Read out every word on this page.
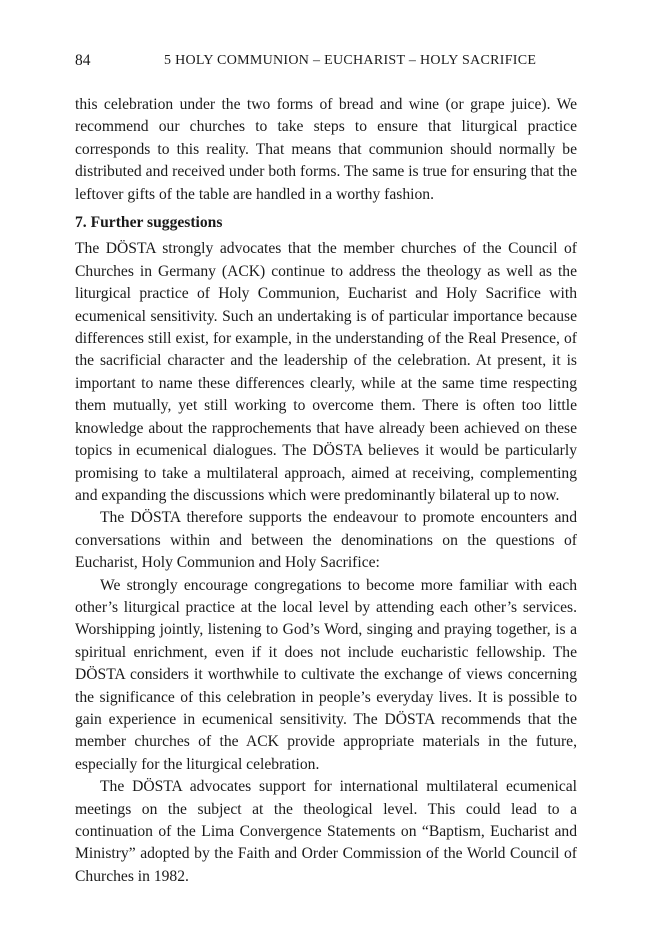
84	5 HOLY COMMUNION – EUCHARIST – HOLY SACRIFICE

this celebration under the two forms of bread and wine (or grape juice). We recommend our churches to take steps to ensure that liturgical practice corresponds to this reality. That means that communion should normally be distributed and received under both forms. The same is true for ensuring that the leftover gifts of the table are handled in a worthy fashion.

7. Further suggestions

The DÖSTA strongly advocates that the member churches of the Council of Churches in Germany (ACK) continue to address the theology as well as the liturgical practice of Holy Communion, Eucharist and Holy Sacrifice with ecumenical sensitivity. Such an undertaking is of particular importance because differences still exist, for example, in the understanding of the Real Presence, of the sacrificial character and the leadership of the celebration. At present, it is important to name these differences clearly, while at the same time respecting them mutually, yet still working to overcome them. There is often too little knowledge about the rapprochements that have already been achieved on these topics in ecumenical dialogues. The DÖSTA believes it would be particularly promising to take a multilateral approach, aimed at receiving, complementing and expanding the discussions which were predominantly bilateral up to now.

The DÖSTA therefore supports the endeavour to promote encounters and conversations within and between the denominations on the questions of Eucharist, Holy Communion and Holy Sacrifice:

We strongly encourage congregations to become more familiar with each other’s liturgical practice at the local level by attending each other’s services. Worshipping jointly, listening to God’s Word, singing and praying together, is a spiritual enrichment, even if it does not include eucharistic fellowship. The DÖSTA considers it worthwhile to cultivate the exchange of views concerning the significance of this celebration in people’s everyday lives. It is possible to gain experience in ecumenical sensitivity. The DÖSTA recommends that the member churches of the ACK provide appropriate materials in the future, especially for the liturgical celebration.

The DÖSTA advocates support for international multilateral ecumenical meetings on the subject at the theological level. This could lead to a continuation of the Lima Convergence Statements on “Baptism, Eucharist and Ministry” adopted by the Faith and Order Commission of the World Council of Churches in 1982.
